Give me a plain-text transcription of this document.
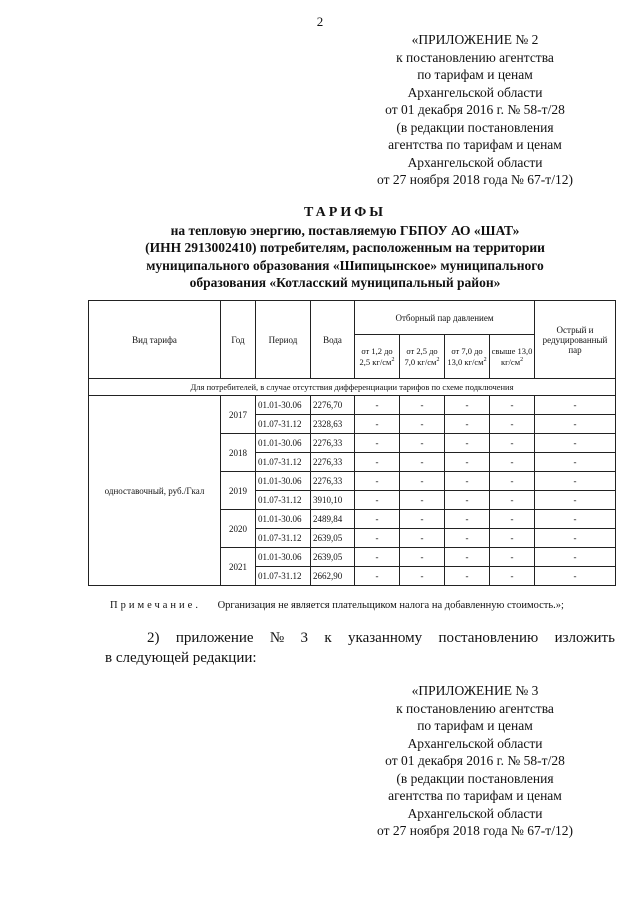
2
«ПРИЛОЖЕНИЕ № 2
к постановлению агентства
по тарифам и ценам
Архангельской области
от 01 декабря 2016 г. № 58-т/28
(в редакции постановления
агентства по тарифам и ценам
Архангельской области
от 27 ноября 2018 года № 67-т/12)
ТАРИФЫ
на тепловую энергию, поставляемую ГБПОУ АО «ШАТ»
(ИНН 2913002410) потребителям, расположенным на территории
муниципального образования «Шипицынское» муниципального
образования «Котласский муниципальный район»
Вид тарифа	Год	Период	Вода	Отборный пар давлением				Острый и редуцированный пар
				от 1,2 до 2,5 $кг/см^2$	от 2,5 до 7,0 $кг/см^2$	от 7,0 до 13,0 $кг/см^2$	свыше 13,0 $кг/см^2$
Для потребителей, в случае отсутствия дифференциации тарифов по схеме подключения								
одноставочный, руб./Гкал	2017	01.01-30.06	2276,70	-	-	-	-	-
		01.07-31.12	2328,63	-	-	-	-	-
	2018	01.01-30.06	2276,33	-	-	-	-	-
		01.07-31.12	2276,33	-	-	-	-	-
	2019	01.01-30.06	2276,33	-	-	-	-	-
		01.07-31.12	3910,10	-	-	-	-	-
	2020	01.01-30.06	2489,84	-	-	-	-	-
		01.07-31.12	2639,05	-	-	-	-	-
	2021	01.01-30.06	2639,05	-	-	-	-	-
		01.07-31.12	2662,90	-	-	-	-	-
Примечание. Организация не является плательщиком налога на добавленную стоимость.»;
2) приложение № 3 к указанному постановлению изложить
в следующей редакции:
«ПРИЛОЖЕНИЕ № 3
к постановлению агентства
по тарифам и ценам
Архангельской области
от 01 декабря 2016 г. № 58-т/28
(в редакции постановления
агентства по тарифам и ценам
Архангельской области
от 27 ноября 2018 года № 67-т/12)
